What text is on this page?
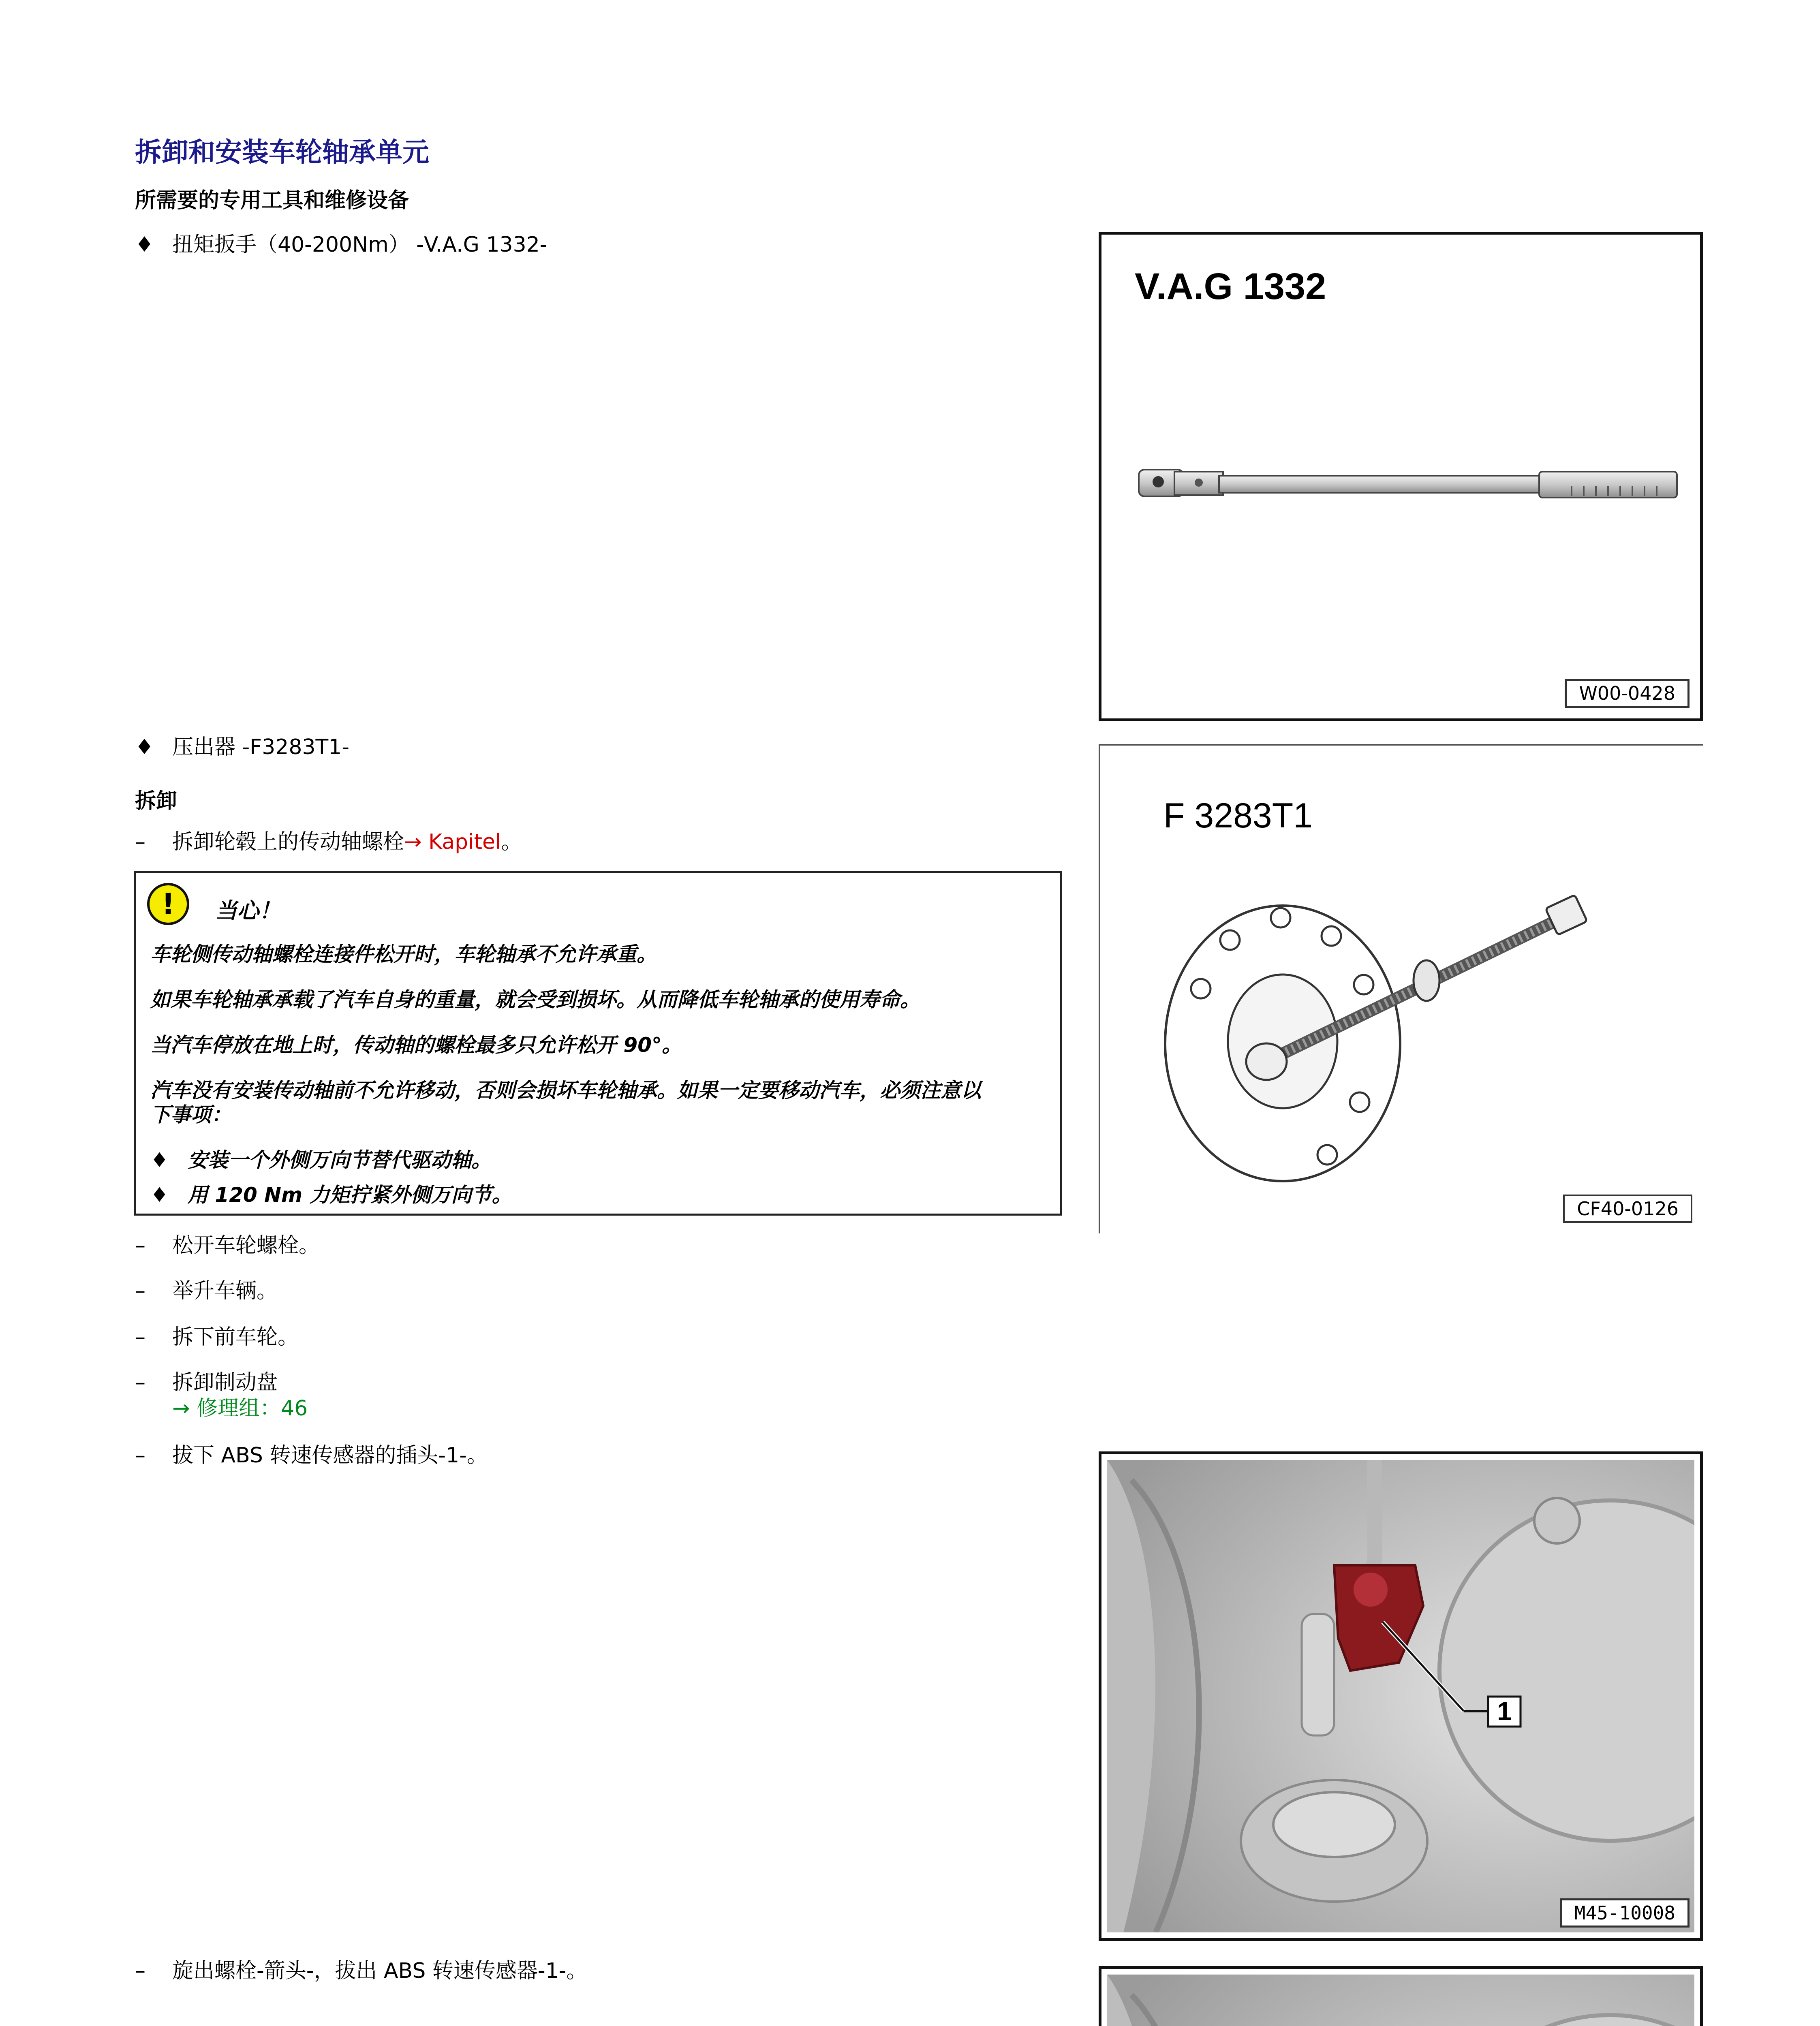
拆卸和安装车轮轴承单元
所需要的专用工具和维修设备
♦ 扭矩扳手（40-200Nm） -V.A.G 1332-
V.A.G 1332
W00-0428
♦ 压出器 -F3283T1-
F 3283T1
CF40-0126
拆卸
– 拆卸轮毂上的传动轴螺栓→ Kapitel。
!	当心！
车轮侧传动轴螺栓连接件松开时，车轮轴承不允许承重。
如果车轮轴承承载了汽车自身的重量，就会受到损坏。从而降低车轮轴承的使用寿命。
当汽车停放在地上时，传动轴的螺栓最多只允许松开 90°。
汽车没有安装传动轴前不允许移动，否则会损坏车轮轴承。如果一定要移动汽车，必须注意以
下事项：
♦ 安装一个外侧万向节替代驱动轴。
♦ 用 120 Nm 力矩拧紧外侧万向节。
– 松开车轮螺栓。
– 举升车辆。
– 拆下前车轮。
– 拆卸制动盘
→ 修理组：46
– 拔下 ABS 转速传感器的插头-1-。
1
M45-10008
– 旋出螺栓-箭头-，拔出 ABS 转速传感器-1-。
